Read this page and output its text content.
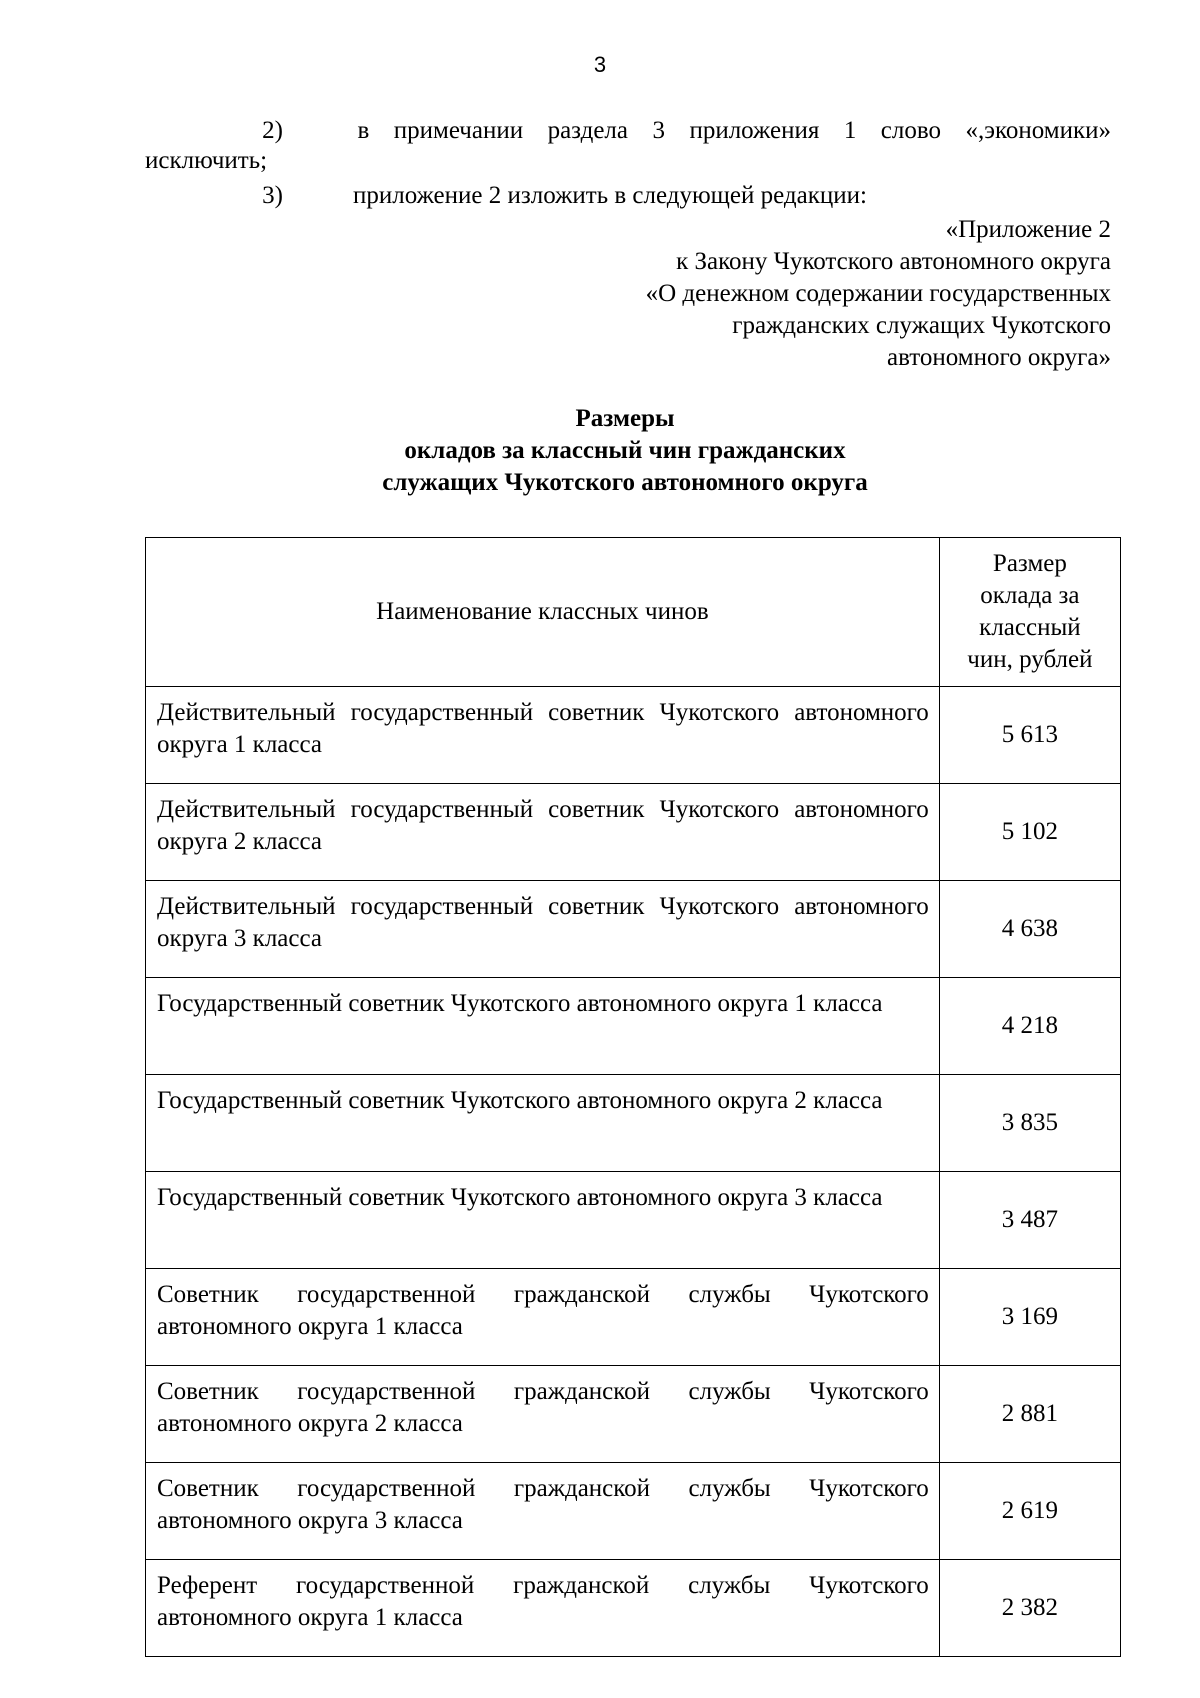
3
2)	в примечании раздела 3 приложения 1 слово «,экономики»
исключить;
3)	приложение 2 изложить в следующей редакции:
«Приложение 2
к Закону Чукотского автономного округа
«О денежном содержании государственных
гражданских служащих Чукотского
автономного округа»
Размеры
окладов за классный чин гражданских
служащих Чукотского автономного округа
Наименование классных чинов	Размер
оклада за
классный
чин, рублей

Действительный государственный советник Чукотского автономного округа 1 класса	5 613
Действительный государственный советник Чукотского автономного округа 2 класса	5 102
Действительный государственный советник Чукотского автономного округа 3 класса	4 638
Государственный советник Чукотского автономного округа 1 класса	4 218
Государственный советник Чукотского автономного округа 2 класса	3 835
Государственный советник Чукотского автономного округа 3 класса	3 487
Советник государственной гражданской службы Чукотского автономного округа 1 класса	3 169
Советник государственной гражданской службы Чукотского автономного округа 2 класса	2 881
Советник государственной гражданской службы Чукотского автономного округа 3 класса	2 619
Референт государственной гражданской службы Чукотского автономного округа 1 класса	2 382
